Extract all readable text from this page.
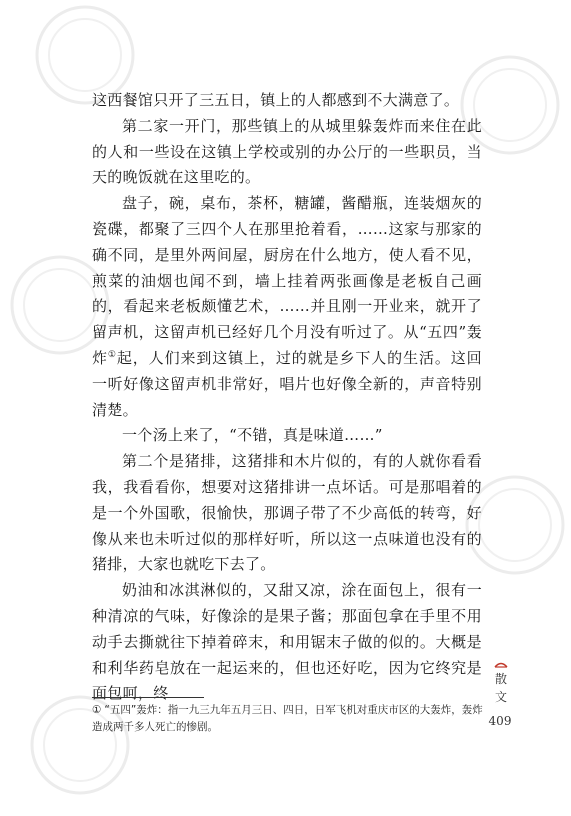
这西餐馆只开了三五日，镇上的人都感到不大满意了。

第二家一开门，那些镇上的从城里躲轰炸而来住在此的人和一些设在这镇上学校或别的办公厅的一些职员，当天的晚饭就在这里吃的。

盘子，碗，桌布，茶杯，糖罐，酱醋瓶，连装烟灰的瓷碟，都聚了三四个人在那里抢着看，……这家与那家的确不同，是里外两间屋，厨房在什么地方，使人看不见，煎菜的油烟也闻不到，墙上挂着两张画像是老板自己画的，看起来老板颇懂艺术，……并且刚一开业来，就开了留声机，这留声机已经好几个月没有听过了。从“五四”轰炸①起，人们来到这镇上，过的就是乡下人的生活。这回一听好像这留声机非常好，唱片也好像全新的，声音特别清楚。

一个汤上来了，“不错，真是味道……”

第二个是猪排，这猪排和木片似的，有的人就你看看我，我看看你，想要对这猪排讲一点坏话。可是那唱着的是一个外国歌，很愉快，那调子带了不少高低的转弯，好像从来也未听过似的那样好听，所以这一点味道也没有的猪排，大家也就吃下去了。

奶油和冰淇淋似的，又甜又凉，涂在面包上，很有一种清凉的气味，好像涂的是果子酱；那面包拿在手里不用动手去撕就往下掉着碎末，和用锯末子做的似的。大概是和利华药皂放在一起运来的，但也还好吃，因为它终究是面包呵，终

① “五四”轰炸：指一九三九年五月三日、四日，日军飞机对重庆市区的大轰炸，轰炸造成两千多人死亡的惨剧。
散
文
409
